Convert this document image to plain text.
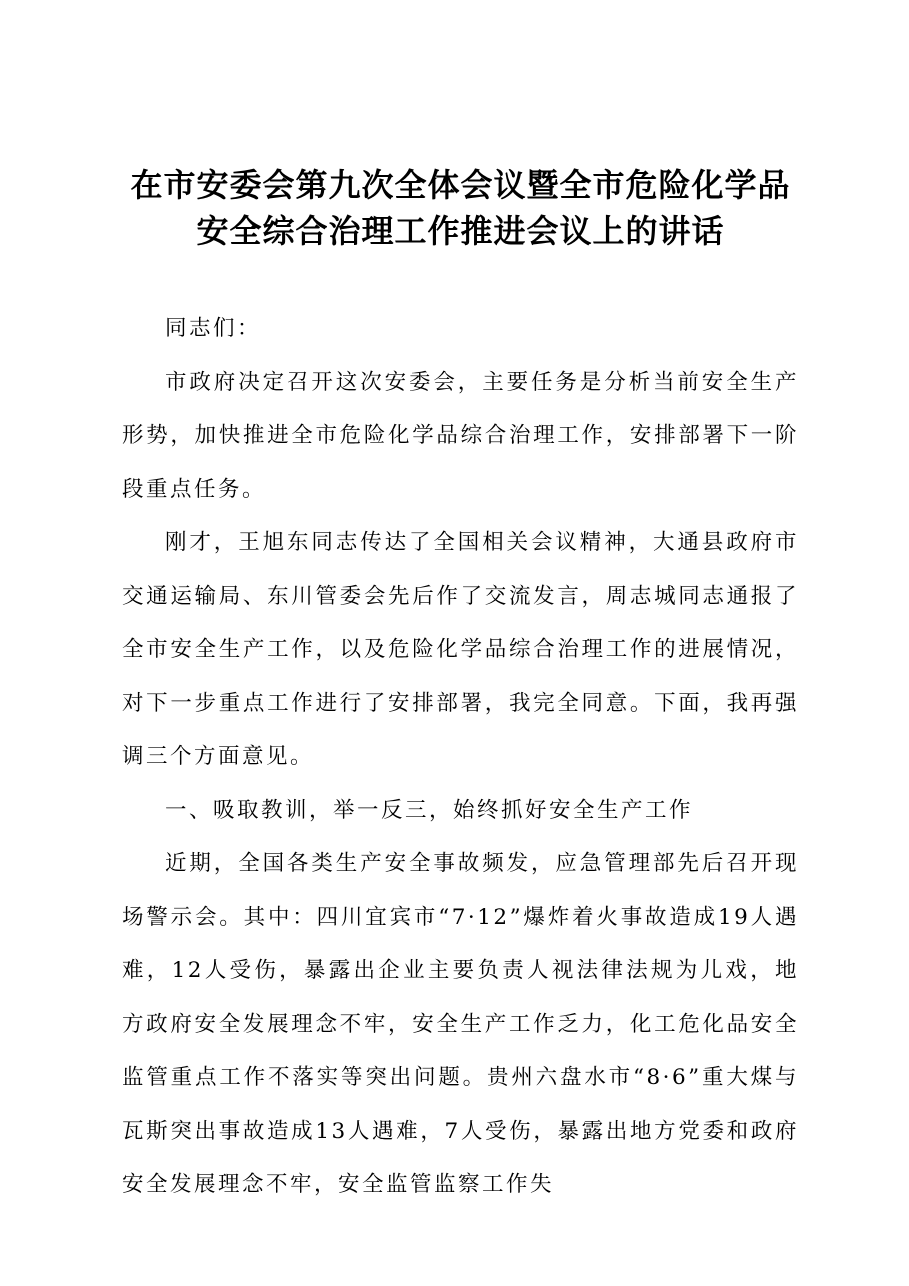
在市安委会第九次全体会议暨全市危险化学品
安全综合治理工作推进会议上的讲话

同志们：

市政府决定召开这次安委会，主要任务是分析当前安全生产形势，加快推进全市危险化学品综合治理工作，安排部署下一阶段重点任务。

刚才，王旭东同志传达了全国相关会议精神，大通县政府市交通运输局、东川管委会先后作了交流发言，周志城同志通报了全市安全生产工作，以及危险化学品综合治理工作的进展情况，对下一步重点工作进行了安排部署，我完全同意。下面，我再强调三个方面意见。

一、吸取教训，举一反三，始终抓好安全生产工作

近期，全国各类生产安全事故频发，应急管理部先后召开现场警示会。其中：四川宜宾市“7·12”爆炸着火事故造成19人遇难，12人受伤，暴露出企业主要负责人视法律法规为儿戏，地方政府安全发展理念不牢，安全生产工作乏力，化工危化品安全监管重点工作不落实等突出问题。贵州六盘水市“8·6”重大煤与瓦斯突出事故造成13人遇难，7人受伤，暴露出地方党委和政府安全发展理念不牢，安全监管监察工作失
